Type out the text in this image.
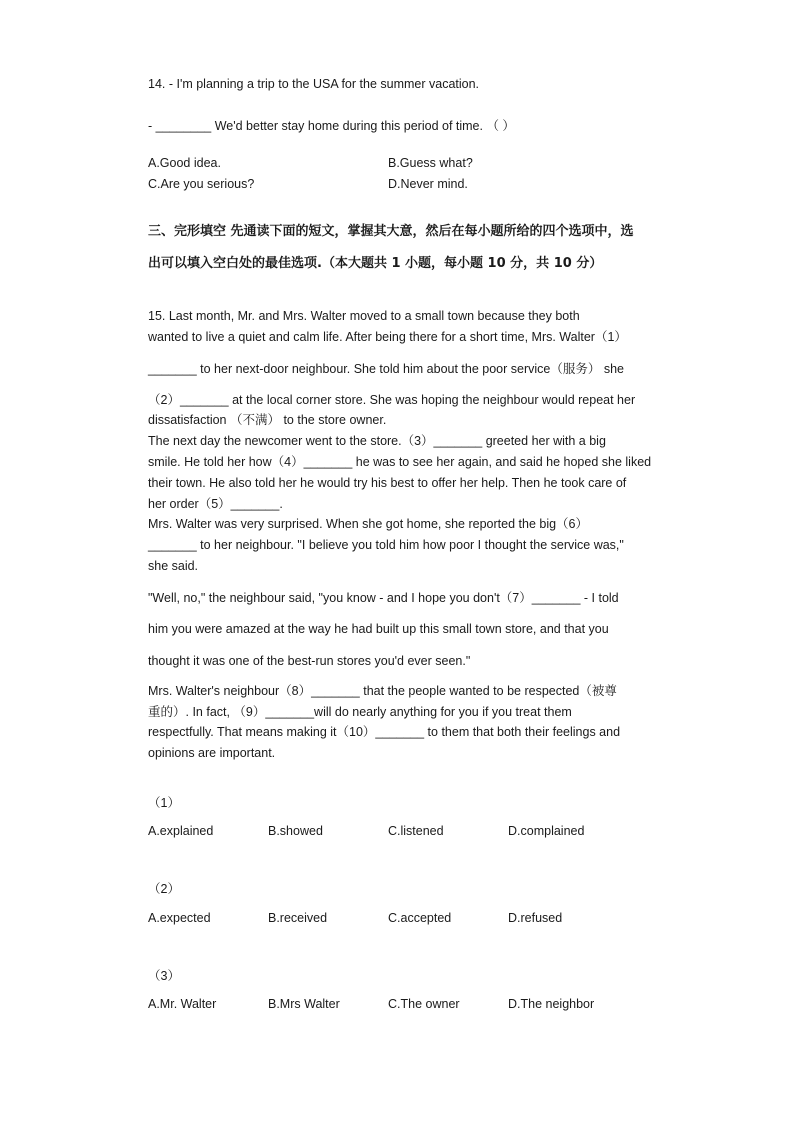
14. - I'm planning a trip to the USA for the summer vacation.
- ________ We'd better stay home during this period of time. （ ）
A.Good idea.	B.Guess what?
C.Are you serious?	D.Never mind.
三、完形填空 先通读下面的短文，掌握其大意，然后在每小题所给的四个选项中，选
出可以填入空白处的最佳选项.（本大题共 1 小题，每小题 10 分，共 10 分）
15. Last month, Mr. and Mrs. Walter moved to a small town because they both
wanted to live a quiet and calm life. After being there for a short time, Mrs. Walter（1）
_______ to her next-door neighbour. She told him about the poor service（服务） she
（2）_______ at the local corner store. She was hoping the neighbour would repeat her
dissatisfaction （不满） to the store owner.
The next day the newcomer went to the store.（3）_______ greeted her with a big
smile. He told her how（4）_______ he was to see her again, and said he hoped she liked
their town. He also told her he would try his best to offer her help. Then he took care of
her order（5）_______.
Mrs. Walter was very surprised. When she got home, she reported the big（6）
_______ to her neighbour. "I believe you told him how poor I thought the service was,"
she said.
"Well, no," the neighbour said, "you know - and I hope you don't（7）_______ - I told
him you were amazed at the way he had built up this small town store, and that you
thought it was one of the best-run stores you'd ever seen."
Mrs. Walter's neighbour（8）_______ that the people wanted to be respected（被尊
重的）. In fact, （9）_______will do nearly anything for you if you treat them
respectfully. That means making it（10）_______ to them that both their feelings and
opinions are important.
（1）
A.explained	B.showed	C.listened	D.complained
（2）
A.expected	B.received	C.accepted	D.refused
（3）
A.Mr. Walter	B.Mrs Walter	C.The owner	D.The neighbor
